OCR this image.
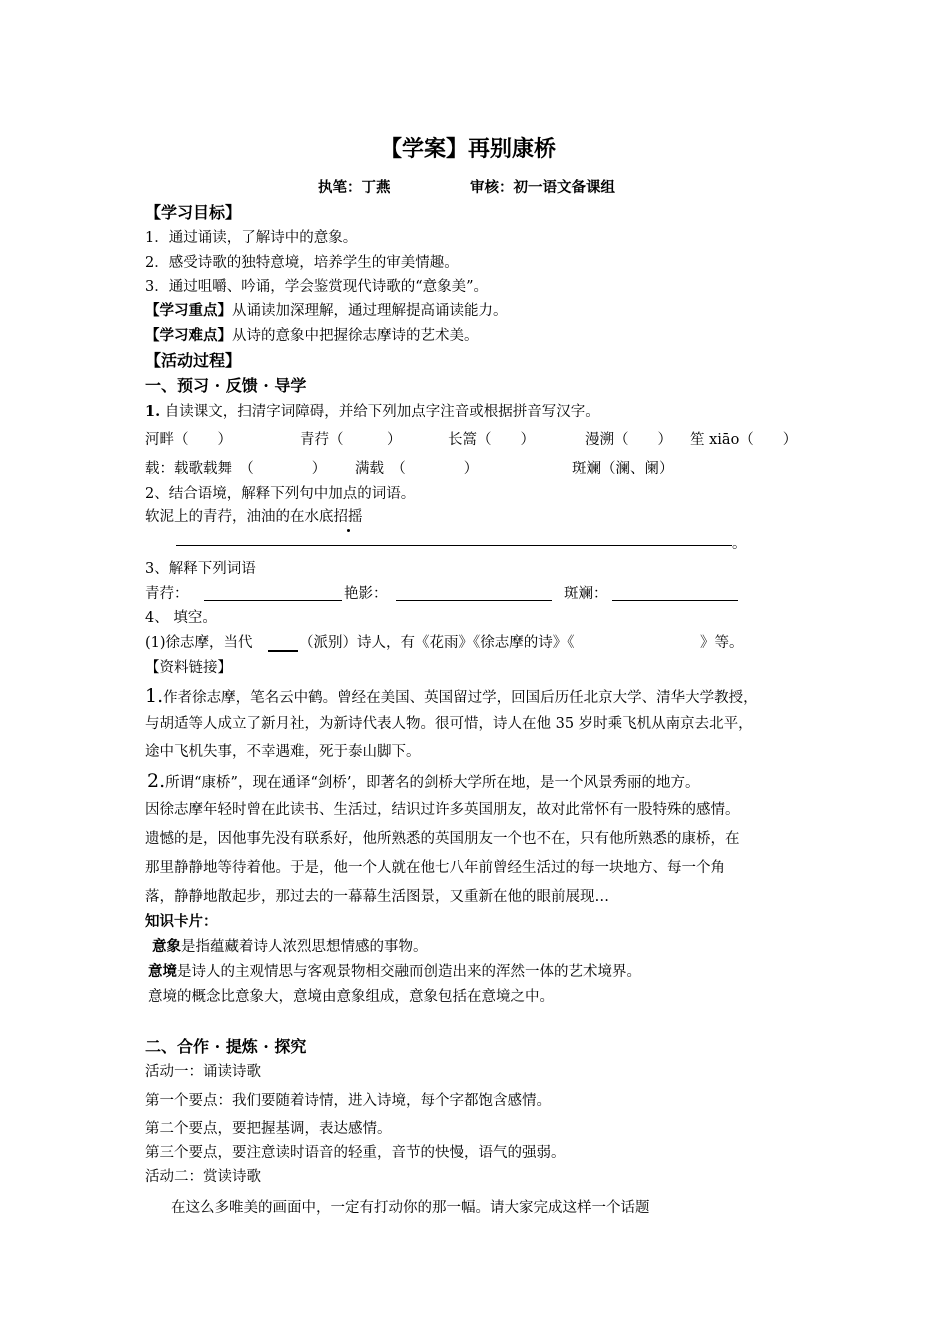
【学案】再别康桥
执笔：丁燕	审核：初一语文备课组
【学习目标】
1．通过诵读，了解诗中的意象。
2．感受诗歌的独特意境，培养学生的审美情趣。
3．通过咀嚼、吟诵，学会鉴赏现代诗歌的“意象美”。
【学习重点】从诵读加深理解，通过理解提高诵读能力。
【学习难点】从诗的意象中把握徐志摩诗的艺术美。
【活动过程】
一、预习 · 反馈 · 导学
1. 自读课文，扫清字词障碍，并给下列加点字注音或根据拼音写汉字。
河畔（　　）	青荇（　　　）	长篙（　　）	漫溯（　　） 笙 xiāo（　　）
载：载歌载舞　（　　　　） 满载　（　　　　）	斑斓（澜、阑）
2、结合语境，解释下列句中加点的词语。
软泥上的青荇，油油的在水底招摇
。
3、解释下列词语
青荇：	艳影：	斑斓：
4、 填空。
(1)徐志摩，当代	（派别）诗人，有《花雨》《徐志摩的诗》《	》等。
【资料链接】
1.作者徐志摩，笔名云中鹤。曾经在美国、英国留过学，回国后历任北京大学、清华大学教授，
与胡适等人成立了新月社，为新诗代表人物。很可惜，诗人在他 35 岁时乘飞机从南京去北平，
途中飞机失事，不幸遇难，死于泰山脚下。
2.所谓“康桥”，现在通译“剑桥’，即著名的剑桥大学所在地，是一个风景秀丽的地方。
因徐志摩年轻时曾在此读书、生活过，结识过许多英国朋友，故对此常怀有一股特殊的感情。
遗憾的是，因他事先没有联系好，他所熟悉的英国朋友一个也不在，只有他所熟悉的康桥，在
那里静静地等待着他。于是，他一个人就在他七八年前曾经生活过的每一块地方、每一个角
落，静静地散起步，那过去的一幕幕生活图景，又重新在他的眼前展现…
知识卡片：
意象是指蕴藏着诗人浓烈思想情感的事物。
意境是诗人的主观情思与客观景物相交融而创造出来的浑然一体的艺术境界。
意境的概念比意象大，意境由意象组成，意象包括在意境之中。
二、合作 · 提炼 · 探究
活动一：诵读诗歌
第一个要点：我们要随着诗情，进入诗境，每个字都饱含感情。
第二个要点，要把握基调，表达感情。
第三个要点，要注意读时语音的轻重，音节的快慢，语气的强弱。
活动二：赏读诗歌
在这么多唯美的画面中，一定有打动你的那一幅。请大家完成这样一个话题
